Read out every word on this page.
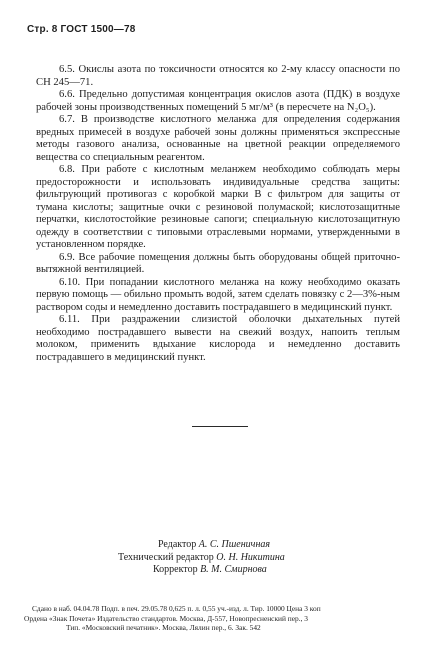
Стр. 8 ГОСТ 1500—78

6.5. Окислы азота по токсичности относятся ко 2-му классу опасности по СН 245—71.

6.6. Предельно допустимая концентрация окислов азота (ПДК) в воздухе рабочей зоны производственных помещений 5 мг/м³ (в пересчете на N₂O₅).

6.7. В производстве кислотного меланжа для определения содержания вредных примесей в воздухе рабочей зоны должны применяться экспрессные методы газового анализа, основанные на цветной реакции определяемого вещества со специальным реагентом.

6.8. При работе с кислотным меланжем необходимо соблюдать меры предосторожности и использовать индивидуальные средства защиты: фильтрующий противогаз с коробкой марки В с фильтром для защиты от тумана кислоты; защитные очки с резиновой полумаской; кислотозащитные перчатки, кислотостойкие резиновые сапоги; специальную кислотозащитную одежду в соответствии с типовыми отраслевыми нормами, утвержденными в установленном порядке.

6.9. Все рабочие помещения должны быть оборудованы общей приточно-вытяжной вентиляцией.

6.10. При попадании кислотного меланжа на кожу необходимо оказать первую помощь — обильно промыть водой, затем сделать повязку с 2—3%-ным раствором соды и немедленно доставить пострадавшего в медицинский пункт.

6.11. При раздражении слизистой оболочки дыхательных путей необходимо пострадавшего вывести на свежий воздух, напоить теплым молоком, применить вдыхание кислорода и немедленно доставить пострадавшего в медицинский пункт.

Редактор А. С. Пшеничная
Технический редактор О. Н. Никитина
Корректор В. М. Смирнова
Сдано в наб. 04.04.78 Подп. в печ. 29.05.78 0,625 п. л. 0,55 уч.-изд. л. Тир. 10000 Цена 3 коп
Ордена «Знак Почета» Издательство стандартов. Москва, Д-557, Новопресненский пер., 3
Тип. «Московский печатник». Москва, Лялин пер., 6. Зак. 542
